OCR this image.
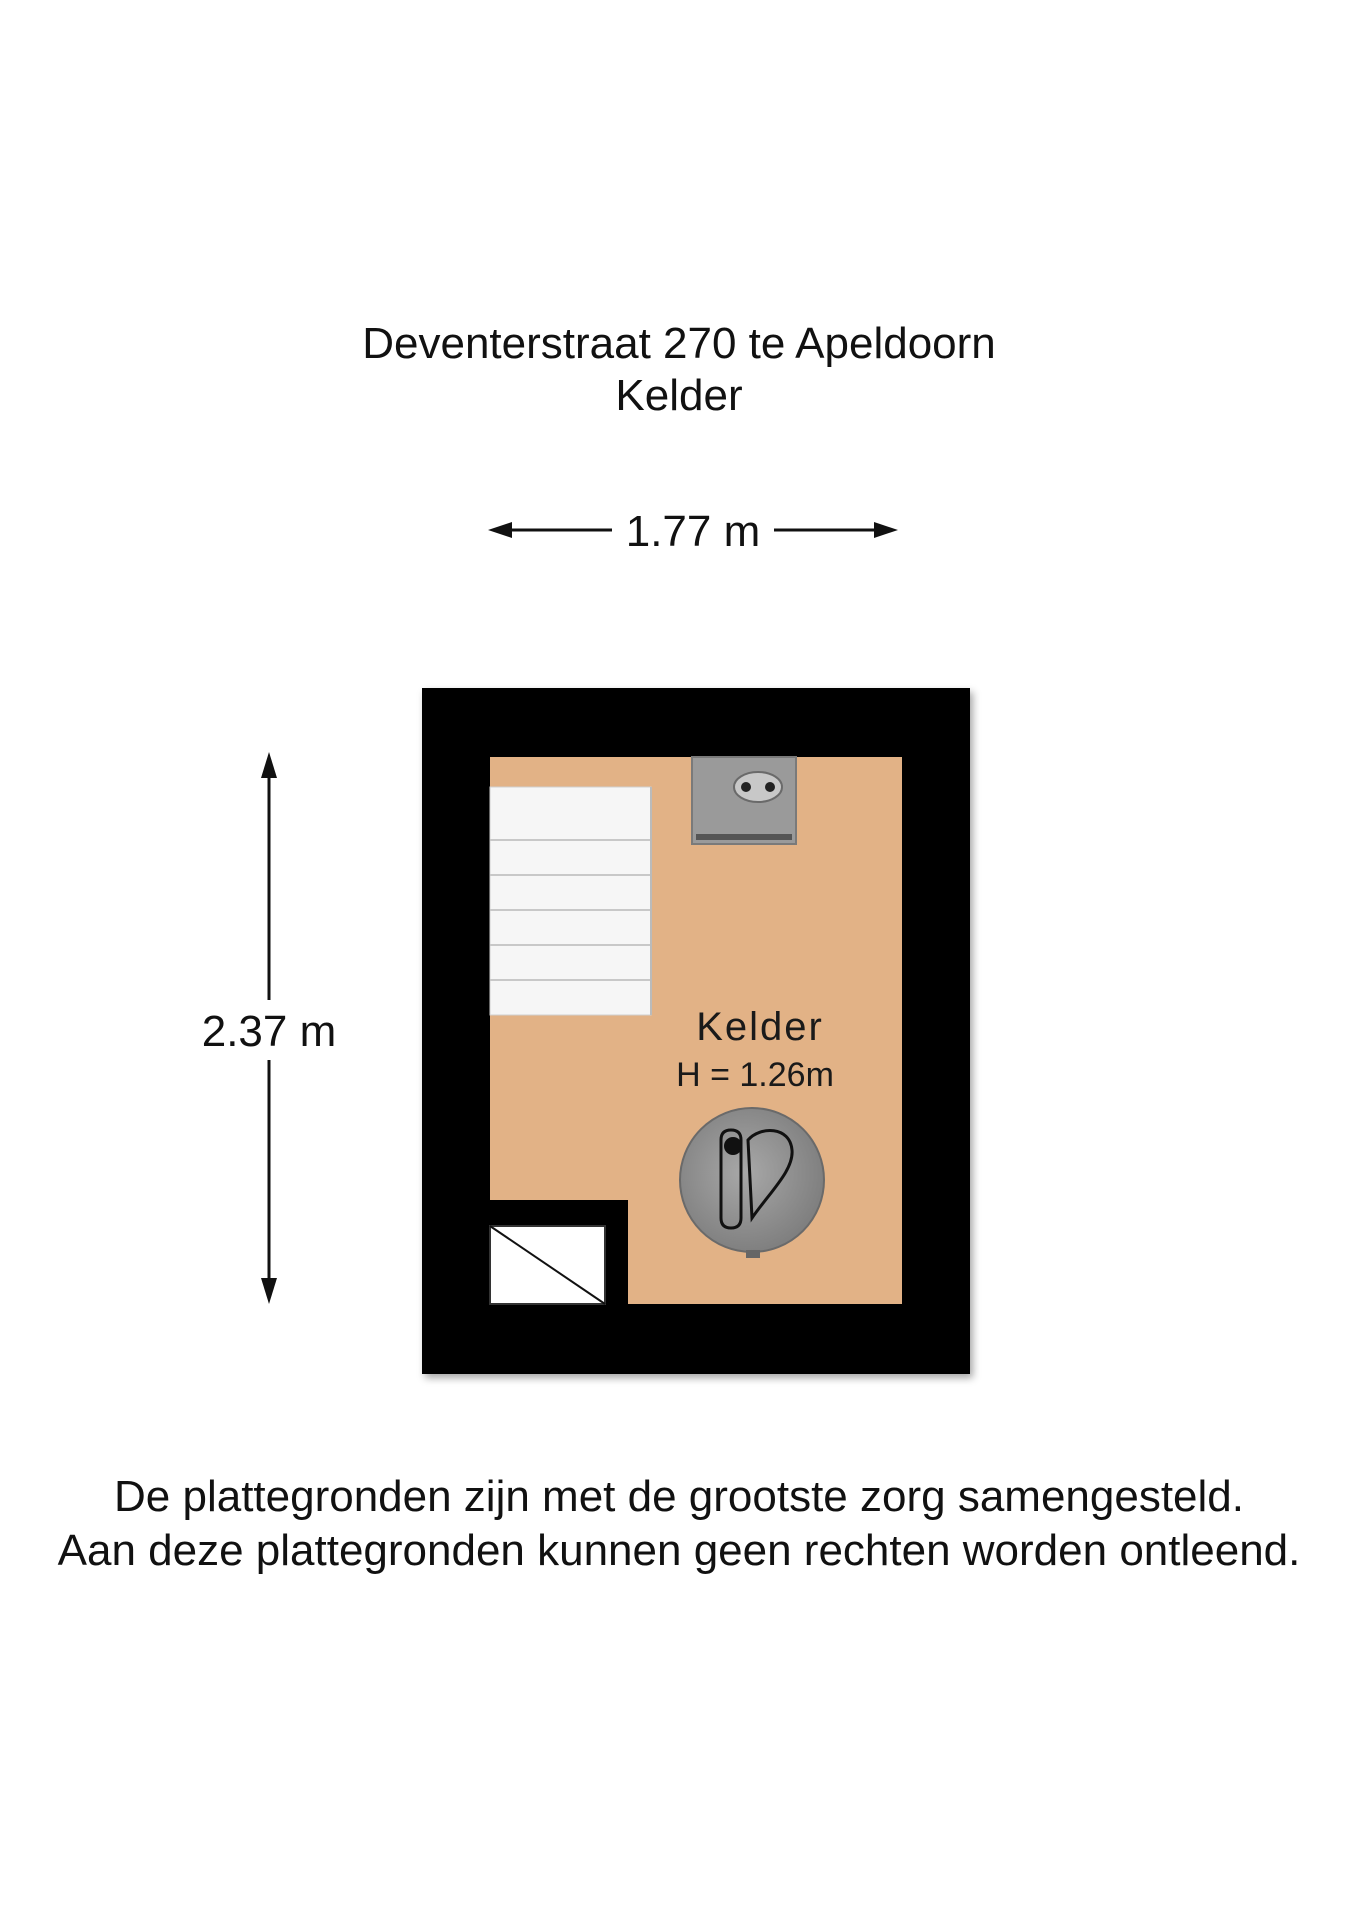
Deventerstraat 270 te Apeldoorn
Kelder
1.77 m
2.37 m	Kelder
H = 1.26m
De plattegronden zijn met de grootste zorg samengesteld.
Aan deze plattegronden kunnen geen rechten worden ontleend.
